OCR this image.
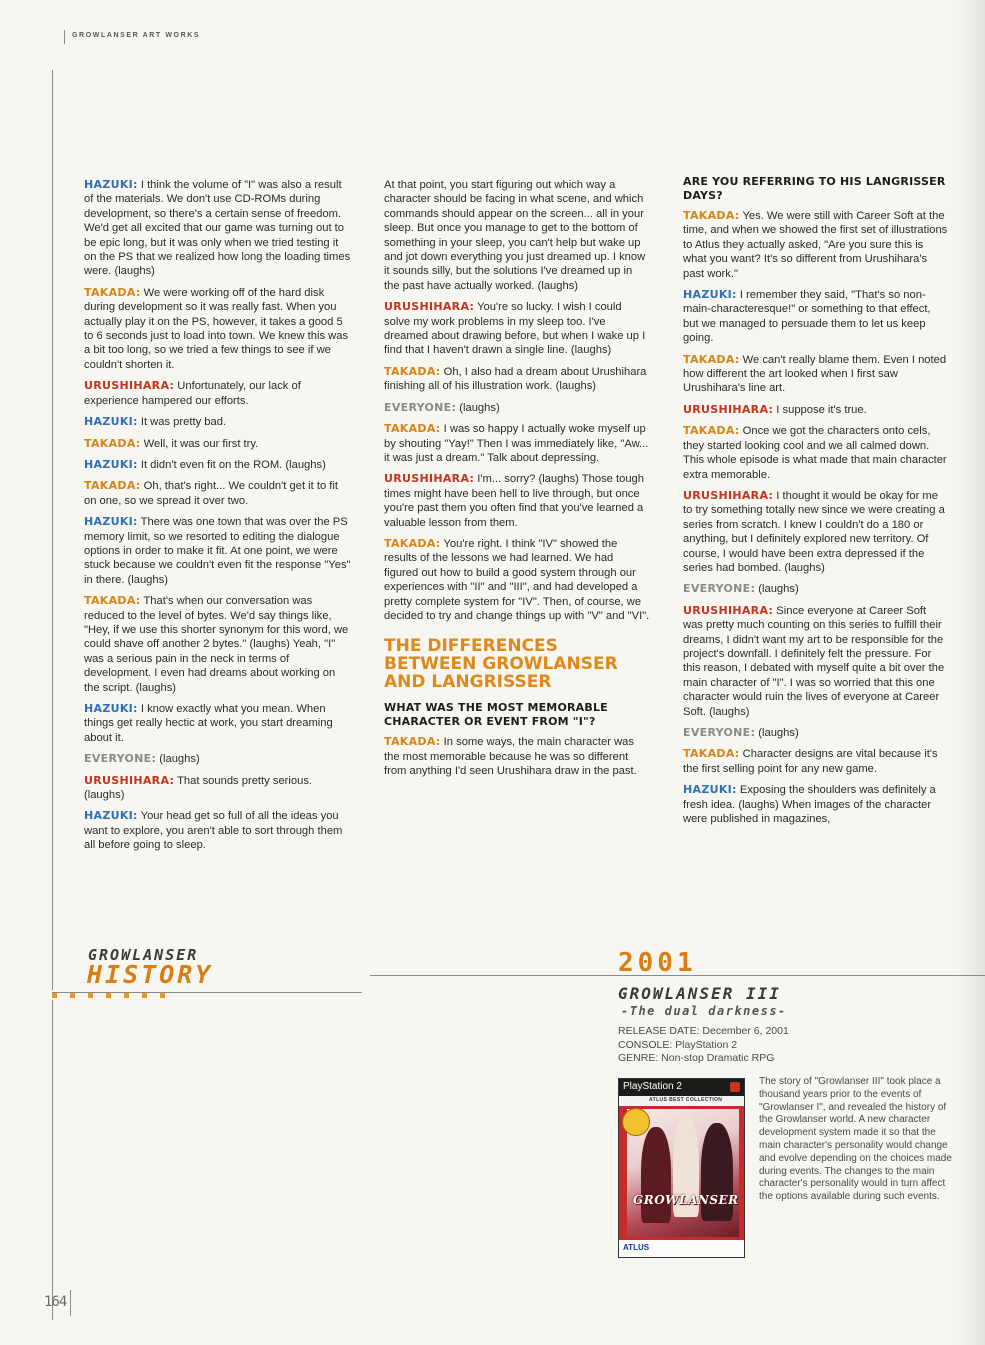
GROWLANSER ART WORKS

HAZUKI: I think the volume of "I" was also a result of the materials. We don't use CD-ROMs during development, so there's a certain sense of freedom. We'd get all excited that our game was turning out to be epic long, but it was only when we tried testing it on the PS that we realized how long the loading times were. (laughs)

TAKADA: We were working off of the hard disk during development so it was really fast. When you actually play it on the PS, however, it takes a good 5 to 6 seconds just to load into town. We knew this was a bit too long, so we tried a few things to see if we couldn't shorten it.

URUSHIHARA: Unfortunately, our lack of experience hampered our efforts.

HAZUKI: It was pretty bad.

TAKADA: Well, it was our first try.

HAZUKI: It didn't even fit on the ROM. (laughs)

TAKADA: Oh, that's right... We couldn't get it to fit on one, so we spread it over two.

HAZUKI: There was one town that was over the PS memory limit, so we resorted to editing the dialogue options in order to make it fit. At one point, we were stuck because we couldn't even fit the response "Yes" in there. (laughs)

TAKADA: That's when our conversation was reduced to the level of bytes. We'd say things like, "Hey, if we use this shorter synonym for this word, we could shave off another 2 bytes." (laughs) Yeah, "I" was a serious pain in the neck in terms of development. I even had dreams about working on the script. (laughs)

HAZUKI: I know exactly what you mean. When things get really hectic at work, you start dreaming about it.

EVERYONE: (laughs)

URUSHIHARA: That sounds pretty serious. (laughs)

HAZUKI: Your head get so full of all the ideas you want to explore, you aren't able to sort through them all before going to sleep.

At that point, you start figuring out which way a character should be facing in what scene, and which commands should appear on the screen... all in your sleep. But once you manage to get to the bottom of something in your sleep, you can't help but wake up and jot down everything you just dreamed up. I know it sounds silly, but the solutions I've dreamed up in the past have actually worked. (laughs)

URUSHIHARA: You're so lucky. I wish I could solve my work problems in my sleep too. I've dreamed about drawing before, but when I wake up I find that I haven't drawn a single line. (laughs)

TAKADA: Oh, I also had a dream about Urushihara finishing all of his illustration work. (laughs)

EVERYONE: (laughs)

TAKADA: I was so happy I actually woke myself up by shouting "Yay!" Then I was immediately like, "Aw... it was just a dream." Talk about depressing.

URUSHIHARA: I'm... sorry? (laughs) Those tough times might have been hell to live through, but once you're past them you often find that you've learned a valuable lesson from them.

TAKADA: You're right. I think "IV" showed the results of the lessons we had learned. We had figured out how to build a good system through our experiences with "II" and "III", and had developed a pretty complete system for "IV". Then, of course, we decided to try and change things up with "V" and "VI".

THE DIFFERENCES BETWEEN GROWLANSER AND LANGRISSER
WHAT WAS THE MOST MEMORABLE CHARACTER OR EVENT FROM "I"?

TAKADA: In some ways, the main character was the most memorable because he was so different from anything I'd seen Urushihara draw in the past.

ARE YOU REFERRING TO HIS LANGRISSER DAYS?

TAKADA: Yes. We were still with Career Soft at the time, and when we showed the first set of illustrations to Atlus they actually asked, "Are you sure this is what you want? It's so different from Urushihara's past work."

HAZUKI: I remember they said, "That's so non-main-characteresque!" or something to that effect, but we managed to persuade them to let us keep going.

TAKADA: We can't really blame them. Even I noted how different the art looked when I first saw Urushihara's line art.

URUSHIHARA: I suppose it's true.

TAKADA: Once we got the characters onto cels, they started looking cool and we all calmed down. This whole episode is what made that main character extra memorable.

URUSHIHARA: I thought it would be okay for me to try something totally new since we were creating a series from scratch. I knew I couldn't do a 180 or anything, but I definitely explored new territory. Of course, I would have been extra depressed if the series had bombed. (laughs)

EVERYONE: (laughs)

URUSHIHARA: Since everyone at Career Soft was pretty much counting on this series to fulfill their dreams, I didn't want my art to be responsible for the project's downfall. I definitely felt the pressure. For this reason, I debated with myself quite a bit over the main character of "I". I was so worried that this one character would ruin the lives of everyone at Career Soft. (laughs)

EVERYONE: (laughs)

TAKADA: Character designs are vital because it's the first selling point for any new game.

HAZUKI: Exposing the shoulders was definitely a fresh idea. (laughs) When images of the character were published in magazines,

GROWLANSER
HISTORY	2001
GROWLANSER III
-The dual darkness-
RELEASE DATE: December 6, 2001
CONSOLE: PlayStation 2
GENRE: Non-stop Dramatic RPG
PlayStation 2
ATLUS BEST COLLECTION
GROWLANSER
ATLUS
The story of "Growlanser III" took place a thousand years prior to the events of "Growlanser I", and revealed the history of the Growlanser world. A new character development system made it so that the main character's personality would change and evolve depending on the choices made during events. The changes to the main character's personality would in turn affect the options available during such events.
164
